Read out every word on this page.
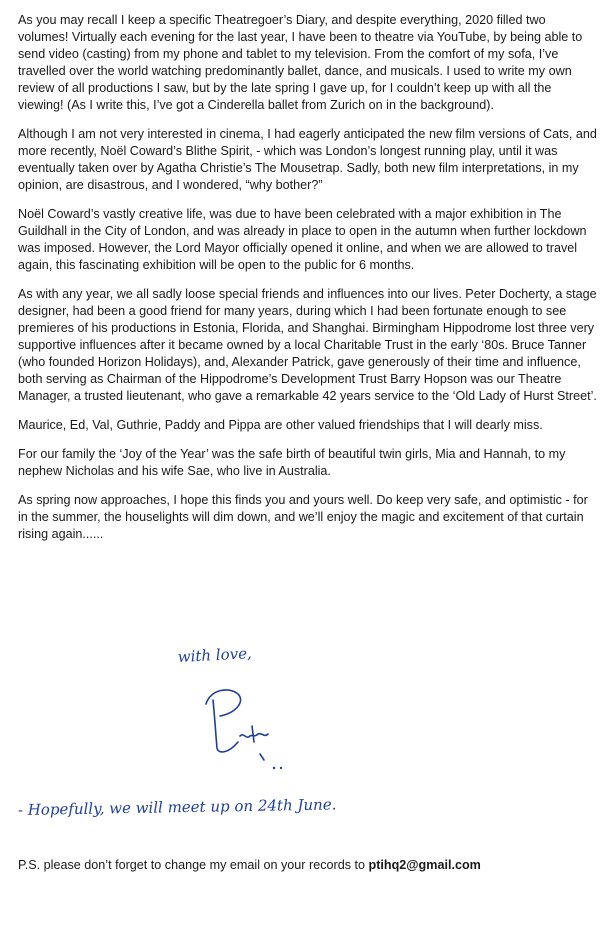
As you may recall I keep a specific Theatregoer’s Diary, and despite everything, 2020 filled two volumes! Virtually each evening for the last year, I have been to theatre via YouTube, by being able to send video (casting) from my phone and tablet to my television. From the comfort of my sofa, I’ve travelled over the world watching predominantly ballet, dance, and musicals. I used to write my own review of all productions I saw, but by the late spring I gave up, for I couldn’t keep up with all the viewing! (As I write this, I’ve got a Cinderella ballet from Zurich on in the background).

Although I am not very interested in cinema, I had eagerly anticipated the new film versions of Cats, and more recently, Noël Coward’s Blithe Spirit, - which was London’s longest running play, until it was eventually taken over by Agatha Christie’s The Mousetrap. Sadly, both new film interpretations, in my opinion, are disastrous, and I wondered, “why bother?”

Noël Coward’s vastly creative life, was due to have been celebrated with a major exhibition in The Guildhall in the City of London, and was already in place to open in the autumn when further lockdown was imposed. However, the Lord Mayor officially opened it online, and when we are allowed to travel again, this fascinating exhibition will be open to the public for 6 months.

As with any year, we all sadly loose special friends and influences into our lives. Peter Docherty, a stage designer, had been a good friend for many years, during which I had been fortunate enough to see premieres of his productions in Estonia, Florida, and Shanghai. Birmingham Hippodrome lost three very supportive influences after it became owned by a local Charitable Trust in the early ‘80s. Bruce Tanner (who founded Horizon Holidays), and, Alexander Patrick, gave generously of their time and influence, both serving as Chairman of the Hippodrome’s Development Trust Barry Hopson was our Theatre Manager, a trusted lieutenant, who gave a remarkable 42 years service to the ‘Old Lady of Hurst Street’.

Maurice, Ed, Val, Guthrie, Paddy and Pippa are other valued friendships that I will dearly miss.

For our family the ‘Joy of the Year’ was the safe birth of beautiful twin girls, Mia and Hannah, to my nephew Nicholas and his wife Sae, who live in Australia.

As spring now approaches, I hope this finds you and yours well. Do keep very safe, and optimistic - for in the summer, the houselights will dim down, and we’ll enjoy the magic and excitement of that curtain rising again......

with love,
Peter
- Hopefully, we will meet up on 24th June.
P.S. please don’t forget to change my email on your records to ptihq2@gmail.com
